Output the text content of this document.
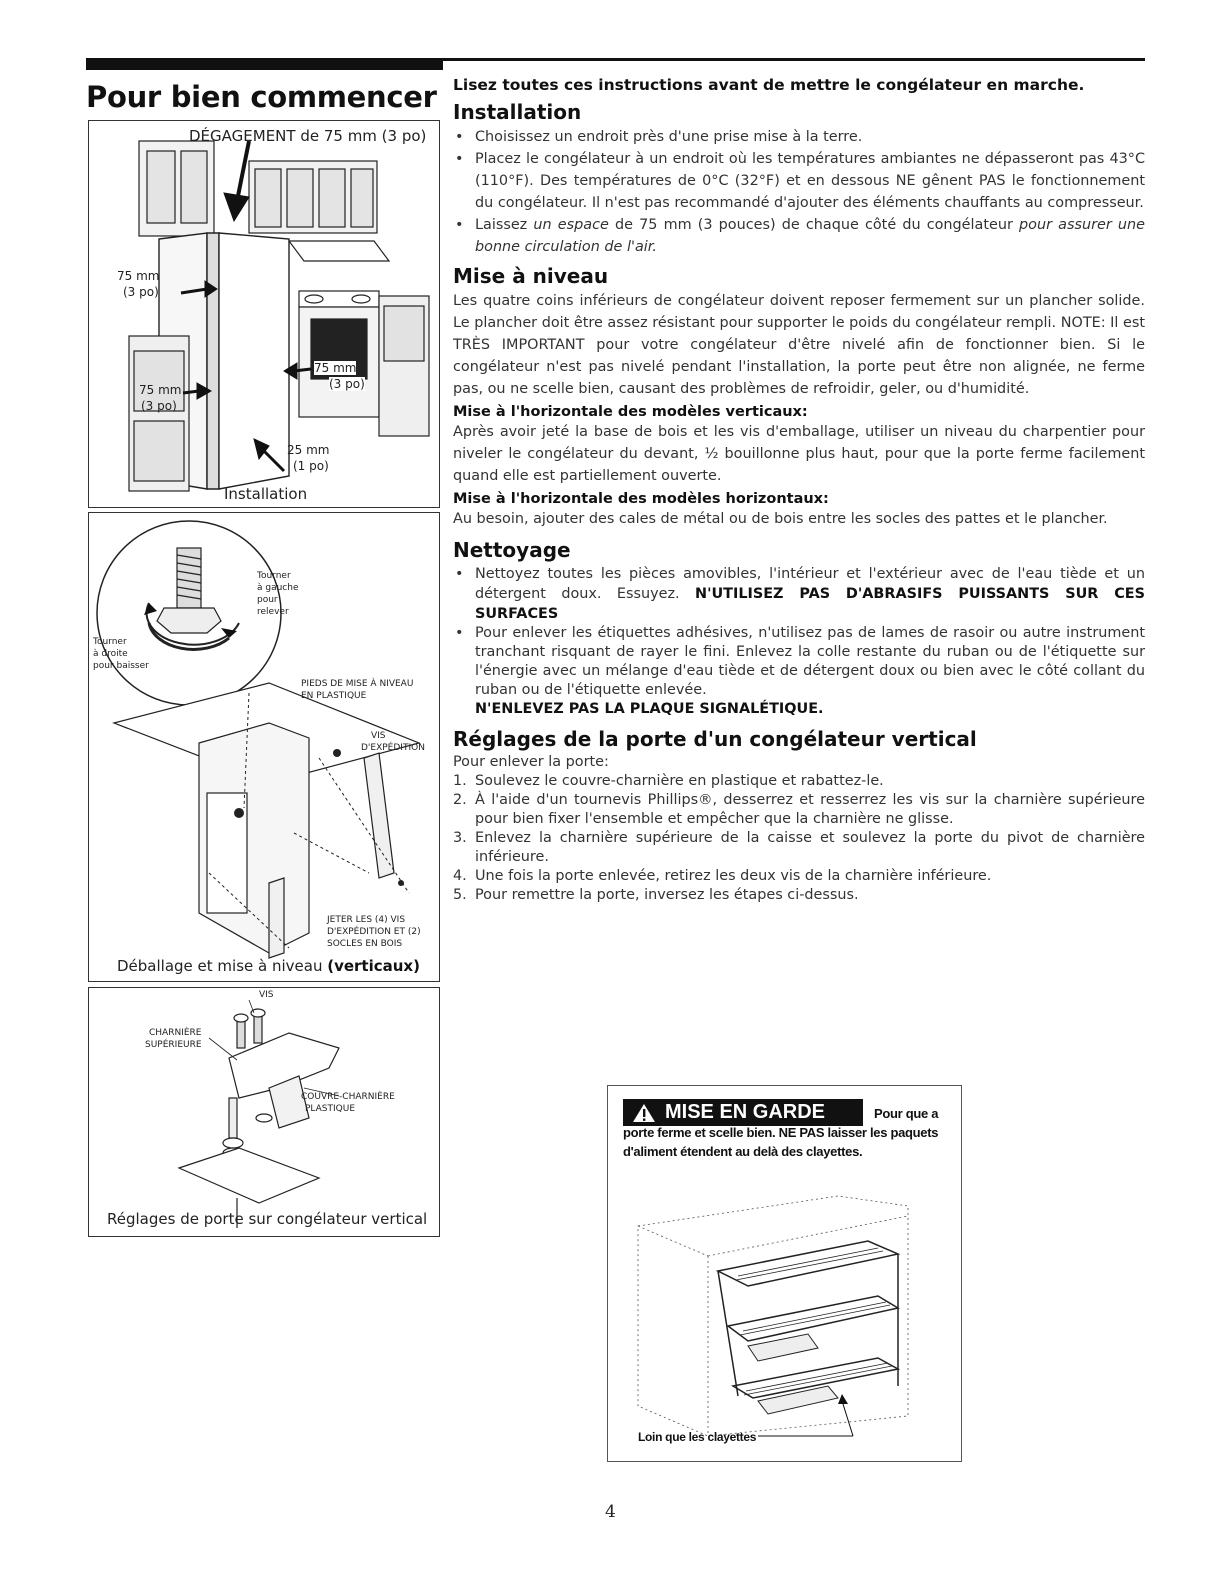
Pour bien commencer
DÉGAGEMENT de 75 mm (3 po)
75 mm
(3 po)
75 mm
(3 po)
75 mm
(3 po)
25 mm
(1 po)
Installation
Tourner
à gauche
pour
relever
Tourner
à droite
pour baisser
PIEDS DE MISE À NIVEAU
EN PLASTIQUE
VIS
D'EXPÉDITION
JETER LES (4) VIS
D'EXPÉDITION ET (2)
SOCLES EN BOIS
Déballage et mise à niveau (verticaux)
VIS
CHARNIÈRE
SUPÉRIEURE
COUVRE-CHARNIÈRE
PLASTIQUE
Réglages de porte sur congélateur vertical
Lisez toutes ces instructions avant de mettre le congélateur en marche.
Installation
• Choisissez un endroit près d'une prise mise à la terre.
• Placez le congélateur à un endroit où les températures ambiantes ne dépasseront pas 43°C (110°F). Des températures de 0°C (32°F) et en dessous NE gênent PAS le fonctionnement du congélateur. Il n'est pas recommandé d'ajouter des éléments chauffants au compresseur.
• Laissez un espace de 75 mm (3 pouces) de chaque côté du congélateur pour assurer une bonne circulation de l'air.
Mise à niveau
Les quatre coins inférieurs de congélateur doivent reposer fermement sur un plancher solide. Le plancher doit être assez résistant pour supporter le poids du congélateur rempli. NOTE: Il est TRÈS IMPORTANT pour votre congélateur d'être nivelé afin de fonctionner bien. Si le congélateur n'est pas nivelé pendant l'installation, la porte peut être non alignée, ne ferme pas, ou ne scelle bien, causant des problèmes de refroidir, geler, ou d'humidité.
Mise à l'horizontale des modèles verticaux:
Après avoir jeté la base de bois et les vis d'emballage, utiliser un niveau du charpentier pour niveler le congélateur du devant, ½ bouillonne plus haut, pour que la porte ferme facilement quand elle est partiellement ouverte.
Mise à l'horizontale des modèles horizontaux:
Au besoin, ajouter des cales de métal ou de bois entre les socles des pattes et le plancher.
Nettoyage
• Nettoyez toutes les pièces amovibles, l'intérieur et l'extérieur avec de l'eau tiède et un détergent doux. Essuyez. N'UTILISEZ PAS D'ABRASIFS PUISSANTS SUR CES SURFACES
• Pour enlever les étiquettes adhésives, n'utilisez pas de lames de rasoir ou autre instrument tranchant risquant de rayer le fini. Enlevez la colle restante du ruban ou de l'étiquette sur l'énergie avec un mélange d'eau tiède et de détergent doux ou bien avec le côté collant du ruban ou de l'étiquette enlevée.
N'ENLEVEZ PAS LA PLAQUE SIGNALÉTIQUE.
Réglages de la porte d'un congélateur vertical
Pour enlever la porte:
1. Soulevez le couvre-charnière en plastique et rabattez-le.
2. À l'aide d'un tournevis Phillips®, desserrez et resserrez les vis sur la charnière supérieure pour bien fixer l'ensemble et empêcher que la charnière ne glisse.
3. Enlevez la charnière supérieure de la caisse et soulevez la porte du pivot de charnière inférieure.
4. Une fois la porte enlevée, retirez les deux vis de la charnière inférieure.
5. Pour remettre la porte, inversez les étapes ci-dessus.
MISE EN GARDE	Pour que a porte ferme et scelle bien. NE PAS laisser les paquets d'aliment étendent au delà des clayettes.
Loin que les clayettes
4
